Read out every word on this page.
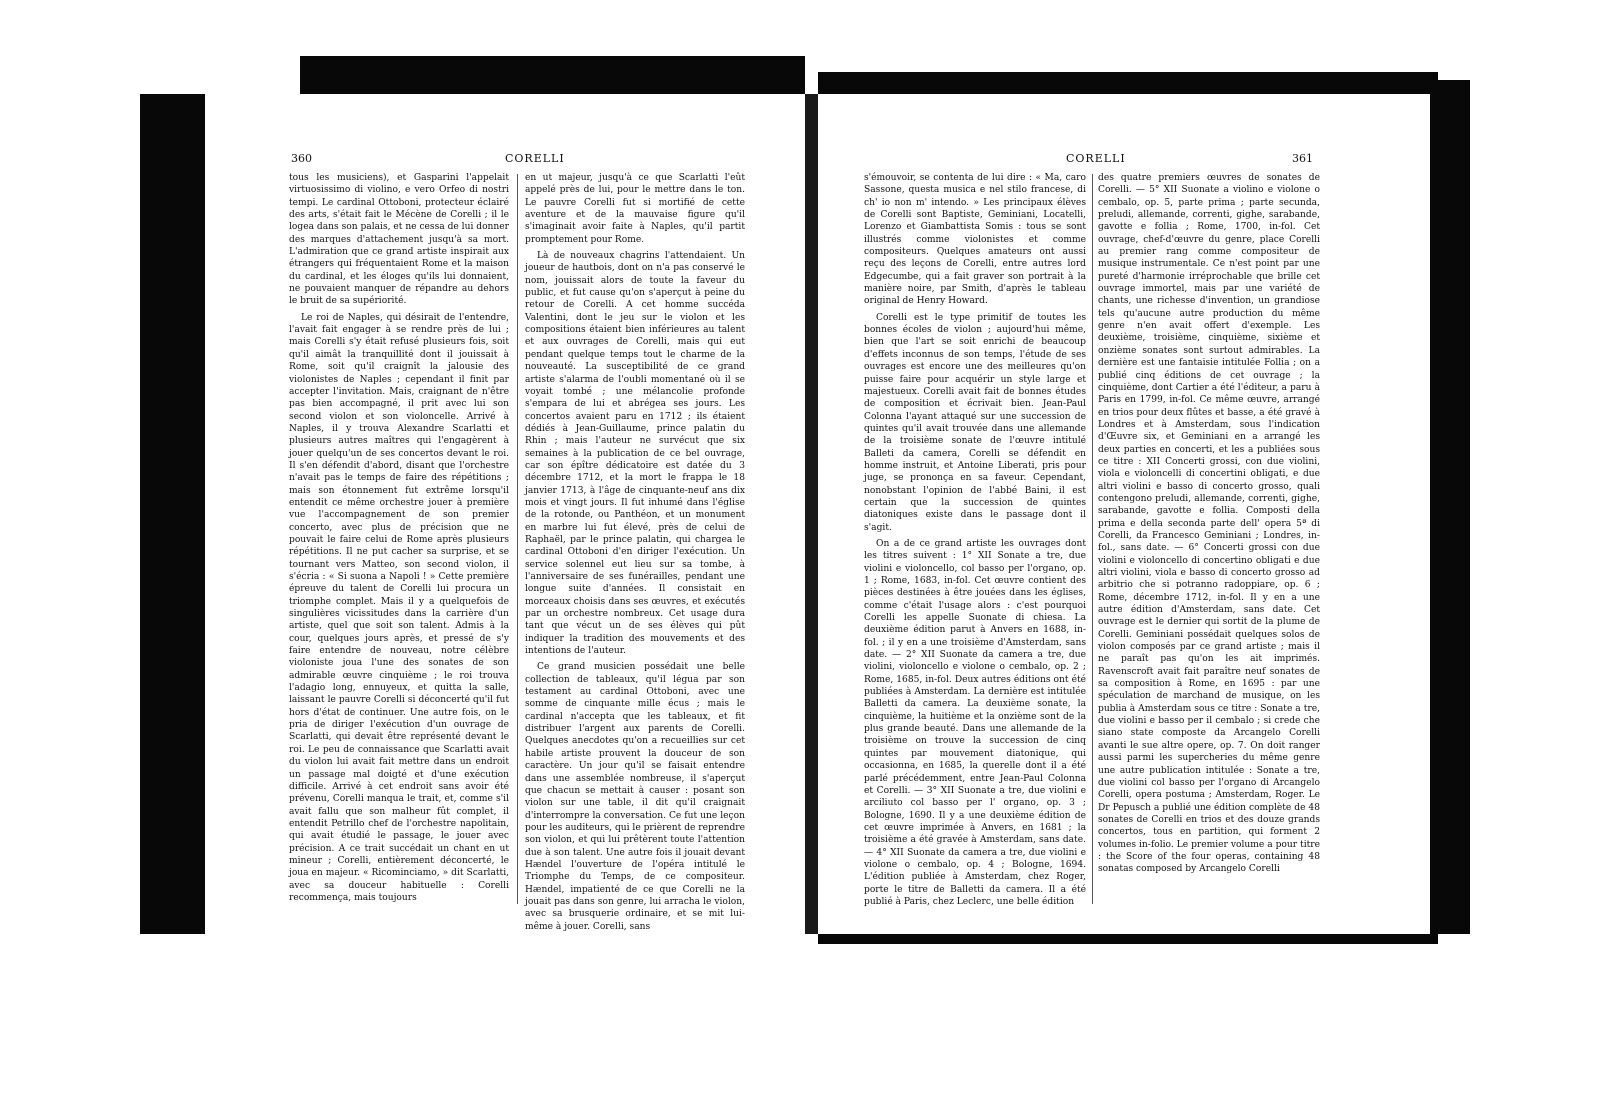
360	CORELLI

tous les musiciens), et Gasparini l'appelait virtuosissimo di violino, e vero Orfeo di nostri tempi. Le cardinal Ottoboni, protecteur éclairé des arts, s'était fait le Mécène de Corelli ; il le logea dans son palais, et ne cessa de lui donner des marques d'attachement jusqu'à sa mort. L'admiration que ce grand artiste inspirait aux étrangers qui fréquentaient Rome et la maison du cardinal, et les éloges qu'ils lui donnaient, ne pouvaient manquer de répandre au dehors le bruit de sa supériorité.

Le roi de Naples, qui désirait de l'entendre, l'avait fait engager à se rendre près de lui ; mais Corelli s'y était refusé plusieurs fois, soit qu'il aimât la tranquillité dont il jouissait à Rome, soit qu'il craignît la jalousie des violonistes de Naples ; cependant il finit par accepter l'invitation. Mais, craignant de n'être pas bien accompagné, il prit avec lui son second violon et son violoncelle. Arrivé à Naples, il y trouva Alexandre Scarlatti et plusieurs autres maîtres qui l'engagèrent à jouer quelqu'un de ses concertos devant le roi. Il s'en défendit d'abord, disant que l'orchestre n'avait pas le temps de faire des répétitions ; mais son étonnement fut extrême lorsqu'il entendit ce même orchestre jouer à première vue l'accompagnement de son premier concerto, avec plus de précision que ne pouvait le faire celui de Rome après plusieurs répétitions. Il ne put cacher sa surprise, et se tournant vers Matteo, son second violon, il s'écria : « Si suona a Napoli ! » Cette première épreuve du talent de Corelli lui procura un triomphe complet. Mais il y a quelquefois de singulières vicissitudes dans la carrière d'un artiste, quel que soit son talent. Admis à la cour, quelques jours après, et pressé de s'y faire entendre de nouveau, notre célèbre violoniste joua l'une des sonates de son admirable œuvre cinquième ; le roi trouva l'adagio long, ennuyeux, et quitta la salle, laissant le pauvre Corelli si déconcerté qu'il fut hors d'état de continuer. Une autre fois, on le pria de diriger l'exécution d'un ouvrage de Scarlatti, qui devait être représenté devant le roi. Le peu de connaissance que Scarlatti avait du violon lui avait fait mettre dans un endroit un passage mal doigté et d'une exécution difficile. Arrivé à cet endroit sans avoir été prévenu, Corelli manqua le trait, et, comme s'il avait fallu que son malheur fût complet, il entendit Petrillo chef de l'orchestre napolitain, qui avait étudié le passage, le jouer avec précision. A ce trait succédait un chant en ut mineur ; Corelli, entièrement déconcerté, le joua en majeur. « Ricominciamo, » dit Scarlatti, avec sa douceur habituelle : Corelli recommença, mais toujours

en ut majeur, jusqu'à ce que Scarlatti l'eût appelé près de lui, pour le mettre dans le ton. Le pauvre Corelli fut si mortifié de cette aventure et de la mauvaise figure qu'il s'imaginait avoir faite à Naples, qu'il partit promptement pour Rome.

Là de nouveaux chagrins l'attendaient. Un joueur de hautbois, dont on n'a pas conservé le nom, jouissait alors de toute la faveur du public, et fut cause qu'on s'aperçut à peine du retour de Corelli. A cet homme succéda Valentini, dont le jeu sur le violon et les compositions étaient bien inférieures au talent et aux ouvrages de Corelli, mais qui eut pendant quelque temps tout le charme de la nouveauté. La susceptibilité de ce grand artiste s'alarma de l'oubli momentané où il se voyait tombé ; une mélancolie profonde s'empara de lui et abrégea ses jours. Les concertos avaient paru en 1712 ; ils étaient dédiés à Jean-Guillaume, prince palatin du Rhin ; mais l'auteur ne survécut que six semaines à la publication de ce bel ouvrage, car son épître dédicatoire est datée du 3 décembre 1712, et la mort le frappa le 18 janvier 1713, à l'âge de cinquante-neuf ans dix mois et vingt jours. Il fut inhumé dans l'église de la rotonde, ou Panthéon, et un monument en marbre lui fut élevé, près de celui de Raphaël, par le prince palatin, qui chargea le cardinal Ottoboni d'en diriger l'exécution. Un service solennel eut lieu sur sa tombe, à l'anniversaire de ses funérailles, pendant une longue suite d'années. Il consistait en morceaux choisis dans ses œuvres, et exécutés par un orchestre nombreux. Cet usage dura tant que vécut un de ses élèves qui pût indiquer la tradition des mouvements et des intentions de l'auteur.

Ce grand musicien possédait une belle collection de tableaux, qu'il légua par son testament au cardinal Ottoboni, avec une somme de cinquante mille écus ; mais le cardinal n'accepta que les tableaux, et fit distribuer l'argent aux parents de Corelli. Quelques anecdotes qu'on a recueillies sur cet habile artiste prouvent la douceur de son caractère. Un jour qu'il se faisait entendre dans une assemblée nombreuse, il s'aperçut que chacun se mettait à causer : posant son violon sur une table, il dit qu'il craignait d'interrompre la conversation. Ce fut une leçon pour les auditeurs, qui le prièrent de reprendre son violon, et qui lui prêtèrent toute l'attention due à son talent. Une autre fois il jouait devant Hændel l'ouverture de l'opéra intitulé le Triomphe du Temps, de ce compositeur. Hændel, impatienté de ce que Corelli ne la jouait pas dans son genre, lui arracha le violon, avec sa brusquerie ordinaire, et se mit lui-même à jouer. Corelli, sans

CORELLI	361

s'émouvoir, se contenta de lui dire : « Ma, caro Sassone, questa musica e nel stilo francese, di ch' io non m' intendo. » Les principaux élèves de Corelli sont Baptiste, Geminiani, Locatelli, Lorenzo et Giambattista Somis : tous se sont illustrés comme violonistes et comme compositeurs. Quelques amateurs ont aussi reçu des leçons de Corelli, entre autres lord Edgecumbe, qui a fait graver son portrait à la manière noire, par Smith, d'après le tableau original de Henry Howard.

Corelli est le type primitif de toutes les bonnes écoles de violon ; aujourd'hui même, bien que l'art se soit enrichi de beaucoup d'effets inconnus de son temps, l'étude de ses ouvrages est encore une des meilleures qu'on puisse faire pour acquérir un style large et majestueux. Corelli avait fait de bonnes études de composition et écrivait bien. Jean-Paul Colonna l'ayant attaqué sur une succession de quintes qu'il avait trouvée dans une allemande de la troisième sonate de l'œuvre intitulé Balleti da camera, Corelli se défendit en homme instruit, et Antoine Liberati, pris pour juge, se prononça en sa faveur. Cependant, nonobstant l'opinion de l'abbé Baini, il est certain que la succession de quintes diatoniques existe dans le passage dont il s'agit.

On a de ce grand artiste les ouvrages dont les titres suivent : 1° XII Sonate a tre, due violini e violoncello, col basso per l'organo, op. 1 ; Rome, 1683, in-fol. Cet œuvre contient des pièces destinées à être jouées dans les églises, comme c'était l'usage alors : c'est pourquoi Corelli les appelle Suonate di chiesa. La deuxième édition parut à Anvers en 1688, in-fol. ; il y en a une troisième d'Amsterdam, sans date. — 2° XII Suonate da camera a tre, due violini, violoncello e violone o cembalo, op. 2 ; Rome, 1685, in-fol. Deux autres éditions ont été publiées à Amsterdam. La dernière est intitulée Balletti da camera. La deuxième sonate, la cinquième, la huitième et la onzième sont de la plus grande beauté. Dans une allemande de la troisième on trouve la succession de cinq quintes par mouvement diatonique, qui occasionna, en 1685, la querelle dont il a été parlé précédemment, entre Jean-Paul Colonna et Corelli. — 3° XII Suonate a tre, due violini e arciliuto col basso per l' organo, op. 3 ; Bologne, 1690. Il y a une deuxième édition de cet œuvre imprimée à Anvers, en 1681 ; la troisième a été gravée à Amsterdam, sans date. — 4° XII Suonate da camera a tre, due violini e violone o cembalo, op. 4 ; Bologne, 1694. L'édition publiée à Amsterdam, chez Roger, porte le titre de Balletti da camera. Il a été publié à Paris, chez Leclerc, une belle édition

des quatre premiers œuvres de sonates de Corelli. — 5° XII Suonate a violino e violone o cembalo, op. 5, parte prima ; parte secunda, preludi, allemande, correnti, gighe, sarabande, gavotte e follia ; Rome, 1700, in-fol. Cet ouvrage, chef-d'œuvre du genre, place Corelli au premier rang comme compositeur de musique instrumentale. Ce n'est point par une pureté d'harmonie irréprochable que brille cet ouvrage immortel, mais par une variété de chants, une richesse d'invention, un grandiose tels qu'aucune autre production du même genre n'en avait offert d'exemple. Les deuxième, troisième, cinquième, sixième et onzième sonates sont surtout admirables. La dernière est une fantaisie intitulée Follia ; on a publié cinq éditions de cet ouvrage ; la cinquième, dont Cartier a été l'éditeur, a paru à Paris en 1799, in-fol. Ce même œuvre, arrangé en trios pour deux flûtes et basse, a été gravé à Londres et à Amsterdam, sous l'indication d'Œuvre six, et Geminiani en a arrangé les deux parties en concerti, et les a publiées sous ce titre : XII Concerti grossi, con due violini, viola e violoncelli di concertini obligati, e due altri violini e basso di concerto grosso, quali contengono preludi, allemande, correnti, gighe, sarabande, gavotte e follia. Composti della prima e della seconda parte dell' opera 5ª di Corelli, da Francesco Geminiani ; Londres, in-fol., sans date. — 6° Concerti grossi con due violini e violoncello di concertino obligati e due altri violini, viola e basso di concerto grosso ad arbitrio che si potranno radoppiare, op. 6 ; Rome, décembre 1712, in-fol. Il y en a une autre édition d'Amsterdam, sans date. Cet ouvrage est le dernier qui sortit de la plume de Corelli. Geminiani possédait quelques solos de violon composés par ce grand artiste ; mais il ne paraît pas qu'on les ait imprimés. Ravenscroft avait fait paraître neuf sonates de sa composition à Rome, en 1695 : par une spéculation de marchand de musique, on les publia à Amsterdam sous ce titre : Sonate a tre, due violini e basso per il cembalo ; si crede che siano state composte da Arcangelo Corelli avanti le sue altre opere, op. 7. On doit ranger aussi parmi les supercheries du même genre une autre publication intitulée : Sonate a tre, due violini col basso per l'organo di Arcangelo Corelli, opera postuma ; Amsterdam, Roger. Le Dr Pepusch a publié une édition complète de 48 sonates de Corelli en trios et des douze grands concertos, tous en partition, qui forment 2 volumes in-folio. Le premier volume a pour titre : the Score of the four operas, containing 48 sonatas composed by Arcangelo Corelli
